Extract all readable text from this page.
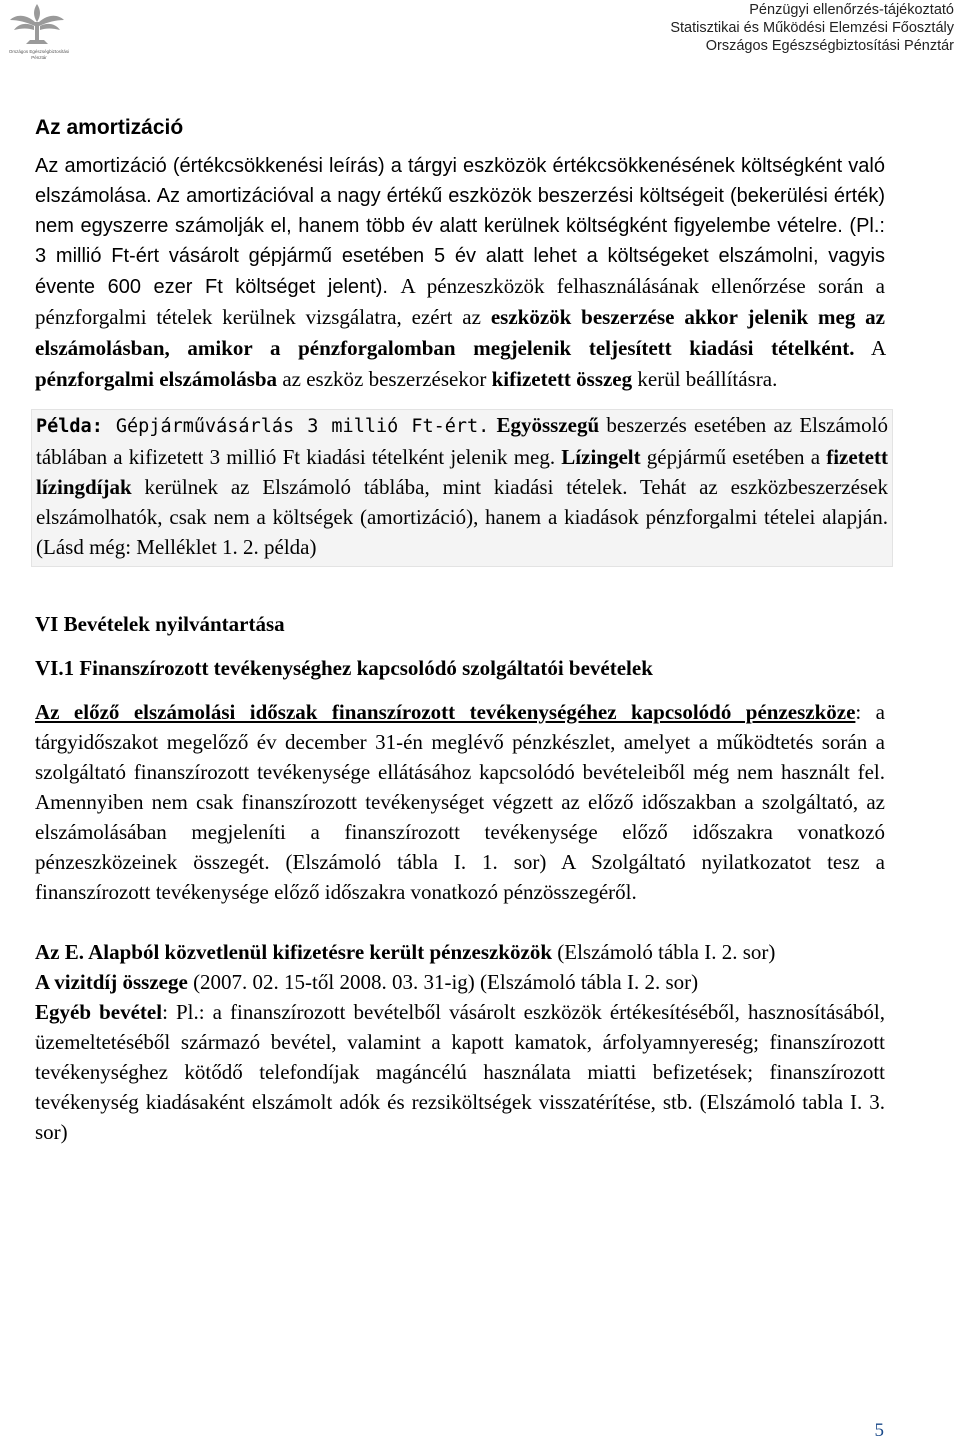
Országos Egészségbiztosítási Pénztár
Pénzügyi ellenőrzés-tájékoztató
Statisztikai és Működési Elemzési Főosztály
Országos Egészségbiztosítási Pénztár
Az amortizáció

Az amortizáció (értékcsökkenési leírás) a tárgyi eszközök értékcsökkenésének költségként való elszámolása. Az amortizációval a nagy értékű eszközök beszerzési költségeit (bekerülési érték) nem egyszerre számolják el, hanem több év alatt kerülnek költségként figyelembe vételre. (Pl.: 3 millió Ft-ért vásárolt gépjármű esetében 5 év alatt lehet a költségeket elszámolni, vagyis évente 600 ezer Ft költséget jelent). A pénzeszközök felhasználásának ellenőrzése során a pénzforgalmi tételek kerülnek vizsgálatra, ezért az eszközök beszerzése akkor jelenik meg az elszámolásban, amikor a pénzforgalomban megjelenik teljesített kiadási tételként. A pénzforgalmi elszámolásba az eszköz beszerzésekor kifizetett összeg kerül beállításra.

Példa: Gépjárművásárlás 3 millió Ft-ért. Egyösszegű beszerzés esetében az Elszámoló táblában a kifizetett 3 millió Ft kiadási tételként jelenik meg. Lízingelt gépjármű esetében a fizetett lízingdíjak kerülnek az Elszámoló táblába, mint kiadási tételek. Tehát az eszközbeszerzések elszámolhatók, csak nem a költségek (amortizáció), hanem a kiadások pénzforgalmi tételei alapján. (Lásd még: Melléklet 1. 2. példa)

VI Bevételek nyilvántartása

VI.1 Finanszírozott tevékenységhez kapcsolódó szolgáltatói bevételek

Az előző elszámolási időszak finanszírozott tevékenységéhez kapcsolódó pénzeszköze: a tárgyidőszakot megelőző év december 31-én meglévő pénzkészlet, amelyet a működtetés során a szolgáltató finanszírozott tevékenysége ellátásához kapcsolódó bevételeiből még nem használt fel. Amennyiben nem csak finanszírozott tevékenységet végzett az előző időszakban a szolgáltató, az elszámolásában megjeleníti a finanszírozott tevékenysége előző időszakra vonatkozó pénzeszközeinek összegét. (Elszámoló tábla I. 1. sor) A Szolgáltató nyilatkozatot tesz a finanszírozott tevékenysége előző időszakra vonatkozó pénzösszegéről.

Az E. Alapból közvetlenül kifizetésre került pénzeszközök (Elszámoló tábla I. 2. sor)

A vizitdíj összege (2007. 02. 15-től 2008. 03. 31-ig) (Elszámoló tábla I. 2. sor)

Egyéb bevétel: Pl.: a finanszírozott bevételből vásárolt eszközök értékesítéséből, hasznosításából, üzemeltetéséből származó bevétel, valamint a kapott kamatok, árfolyamnyereség; finanszírozott tevékenységhez kötődő telefondíjak magáncélú használata miatti befizetések; finanszírozott tevékenység kiadásaként elszámolt adók és rezsiköltségek visszatérítése, stb. (Elszámoló tabla I. 3. sor)

5
